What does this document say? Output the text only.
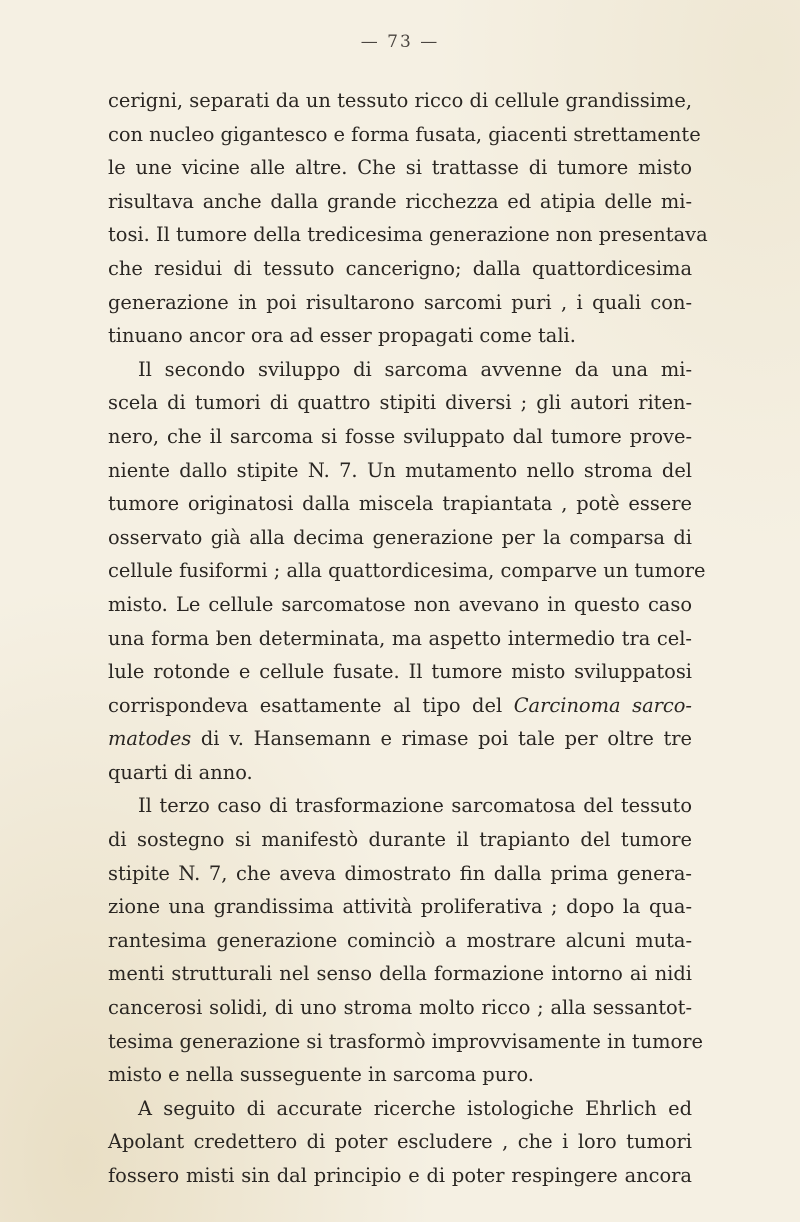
— 73 —
cerigni, separati da un tessuto ricco di cellule grandissime,
con nucleo gigantesco e forma fusata, giacenti strettamente
le une vicine alle altre. Che si trattasse di tumore misto
risultava anche dalla grande ricchezza ed atipia delle mi-
tosi. Il tumore della tredicesima generazione non presentava
che residui di tessuto cancerigno; dalla quattordicesima
generazione in poi risultarono sarcomi puri , i quali con-
tinuano ancor ora ad esser propagati come tali.
Il secondo sviluppo di sarcoma avvenne da una mi-
scela di tumori di quattro stipiti diversi ; gli autori riten-
nero, che il sarcoma si fosse sviluppato dal tumore prove-
niente dallo stipite N. 7. Un mutamento nello stroma del
tumore originatosi dalla miscela trapiantata , potè essere
osservato già alla decima generazione per la comparsa di
cellule fusiformi ; alla quattordicesima, comparve un tumore
misto. Le cellule sarcomatose non avevano in questo caso
una forma ben determinata, ma aspetto intermedio tra cel-
lule rotonde e cellule fusate. Il tumore misto sviluppatosi
corrispondeva esattamente al tipo del Carcinoma sarco-
matodes di v. Hansemann e rimase poi tale per oltre tre
quarti di anno.
Il terzo caso di trasformazione sarcomatosa del tessuto
di sostegno si manifestò durante il trapianto del tumore
stipite N. 7, che aveva dimostrato fin dalla prima genera-
zione una grandissima attività proliferativa ; dopo la qua-
rantesima generazione cominciò a mostrare alcuni muta-
menti strutturali nel senso della formazione intorno ai nidi
cancerosi solidi, di uno stroma molto ricco ; alla sessantot-
tesima generazione si trasformò improvvisamente in tumore
misto e nella susseguente in sarcoma puro.
A seguito di accurate ricerche istologiche Ehrlich ed
Apolant credettero di poter escludere , che i loro tumori
fossero misti sin dal principio e di poter respingere ancora
